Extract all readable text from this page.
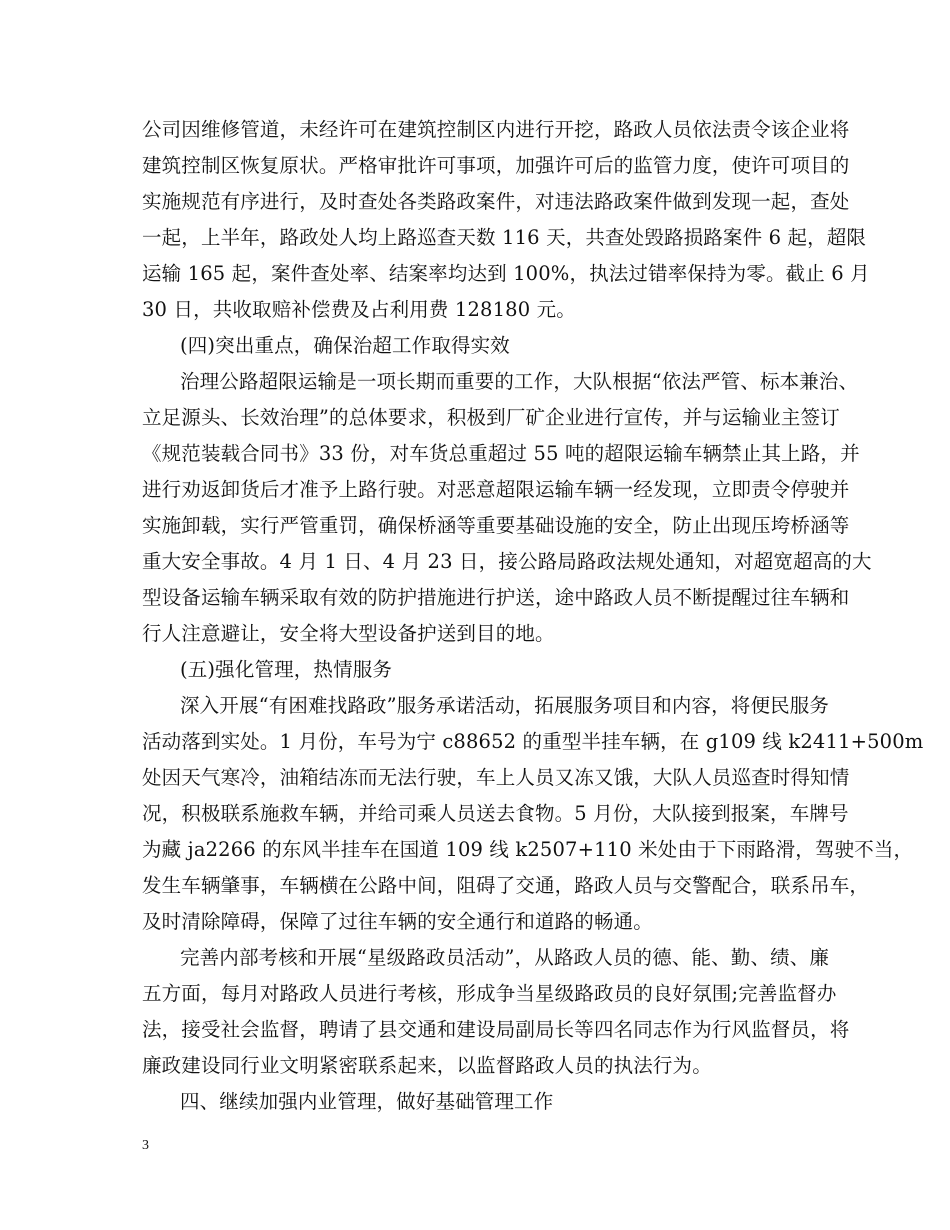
公司因维修管道，未经许可在建筑控制区内进行开挖，路政人员依法责令该企业将
建筑控制区恢复原状。严格审批许可事项，加强许可后的监管力度，使许可项目的
实施规范有序进行，及时查处各类路政案件，对违法路政案件做到发现一起，查处
一起，上半年，路政处人均上路巡查天数 116 天，共查处毁路损路案件 6 起，超限
运输 165 起，案件查处率、结案率均达到 100%，执法过错率保持为零。截止 6 月
30 日，共收取赔补偿费及占利用费 128180 元。
(四)突出重点，确保治超工作取得实效
治理公路超限运输是一项长期而重要的工作，大队根据“依法严管、标本兼治、
立足源头、长效治理”的总体要求，积极到厂矿企业进行宣传，并与运输业主签订
《规范装载合同书》33 份，对车货总重超过 55 吨的超限运输车辆禁止其上路，并
进行劝返卸货后才准予上路行驶。对恶意超限运输车辆一经发现，立即责令停驶并
实施卸载，实行严管重罚，确保桥涵等重要基础设施的安全，防止出现压垮桥涵等
重大安全事故。4 月 1 日、4 月 23 日，接公路局路政法规处通知，对超宽超高的大
型设备运输车辆采取有效的防护措施进行护送，途中路政人员不断提醒过往车辆和
行人注意避让，安全将大型设备护送到目的地。
(五)强化管理，热情服务
深入开展“有困难找路政”服务承诺活动，拓展服务项目和内容，将便民服务
活动落到实处。1 月份，车号为宁 c88652 的重型半挂车辆，在 g109 线 k2411+500m
处因天气寒冷，油箱结冻而无法行驶，车上人员又冻又饿，大队人员巡查时得知情
况，积极联系施救车辆，并给司乘人员送去食物。5 月份，大队接到报案，车牌号
为藏 ja2266 的东风半挂车在国道 109 线 k2507+110 米处由于下雨路滑，驾驶不当，
发生车辆肇事，车辆横在公路中间，阻碍了交通，路政人员与交警配合，联系吊车，
及时清除障碍，保障了过往车辆的安全通行和道路的畅通。
完善内部考核和开展“星级路政员活动”，从路政人员的德、能、勤、绩、廉
五方面，每月对路政人员进行考核，形成争当星级路政员的良好氛围;完善监督办
法，接受社会监督，聘请了县交通和建设局副局长等四名同志作为行风监督员，将
廉政建设同行业文明紧密联系起来，以监督路政人员的执法行为。
四、继续加强内业管理，做好基础管理工作
3
